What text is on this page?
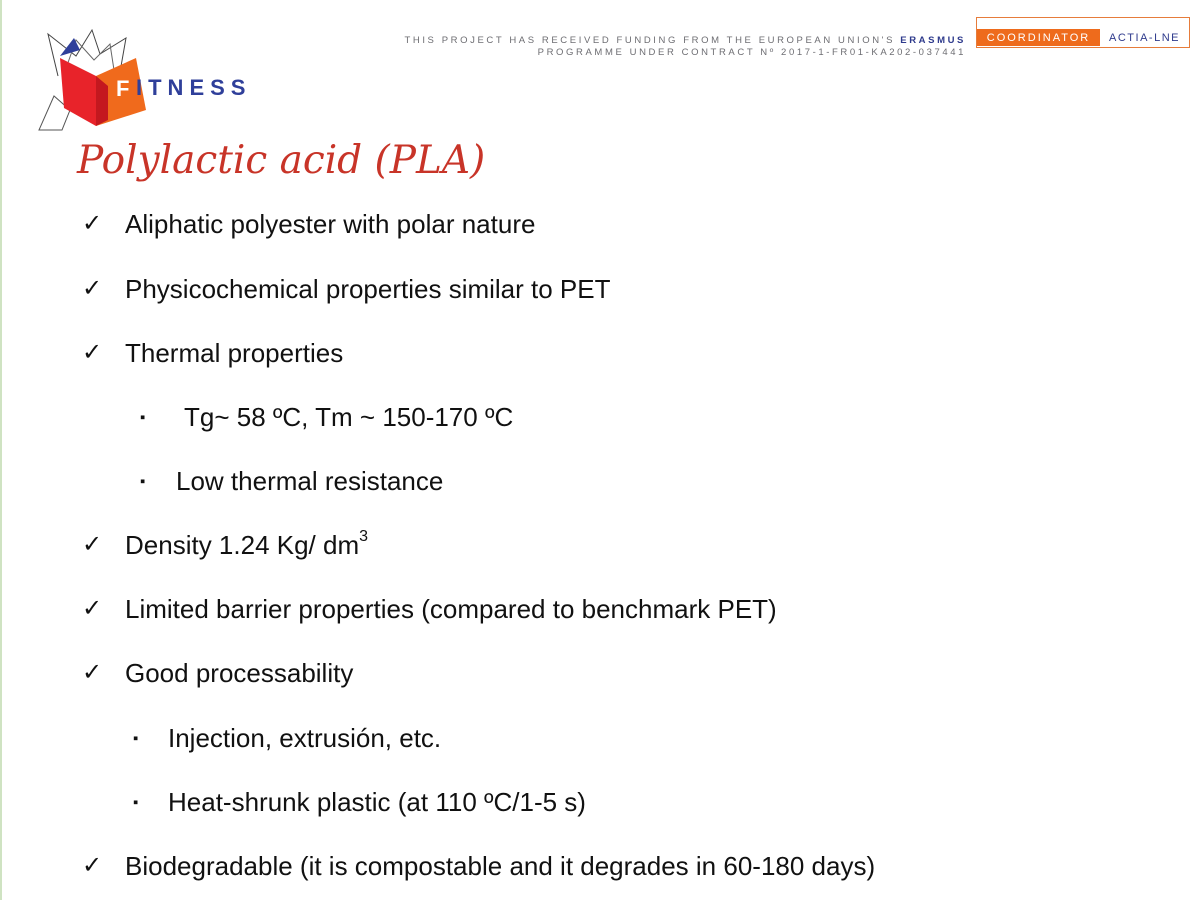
F ITNESS
THIS PROJECT HAS RECEIVED FUNDING FROM THE EUROPEAN UNION'S ERASMUS
PROGRAMME UNDER CONTRACT Nº 2017-1-FR01-KA202-037441
COORDINATOR	ACTIA-LNE
Polylactic acid (PLA)
✓ Aliphatic polyester with polar nature
✓ Physicochemical properties similar to PET
✓ Thermal properties
▪ Tg~ 58 ºC, Tm ~ 150-170 ºC
▪ Low thermal resistance
✓ Density 1.24 Kg/ $dm^3$
✓ Limited barrier properties (compared to benchmark PET)
✓ Good processability
▪ Injection, extrusión, etc.
▪ Heat-shrunk plastic (at 110 ºC/1-5 s)
✓ Biodegradable (it is compostable and it degrades in 60-180 days)
